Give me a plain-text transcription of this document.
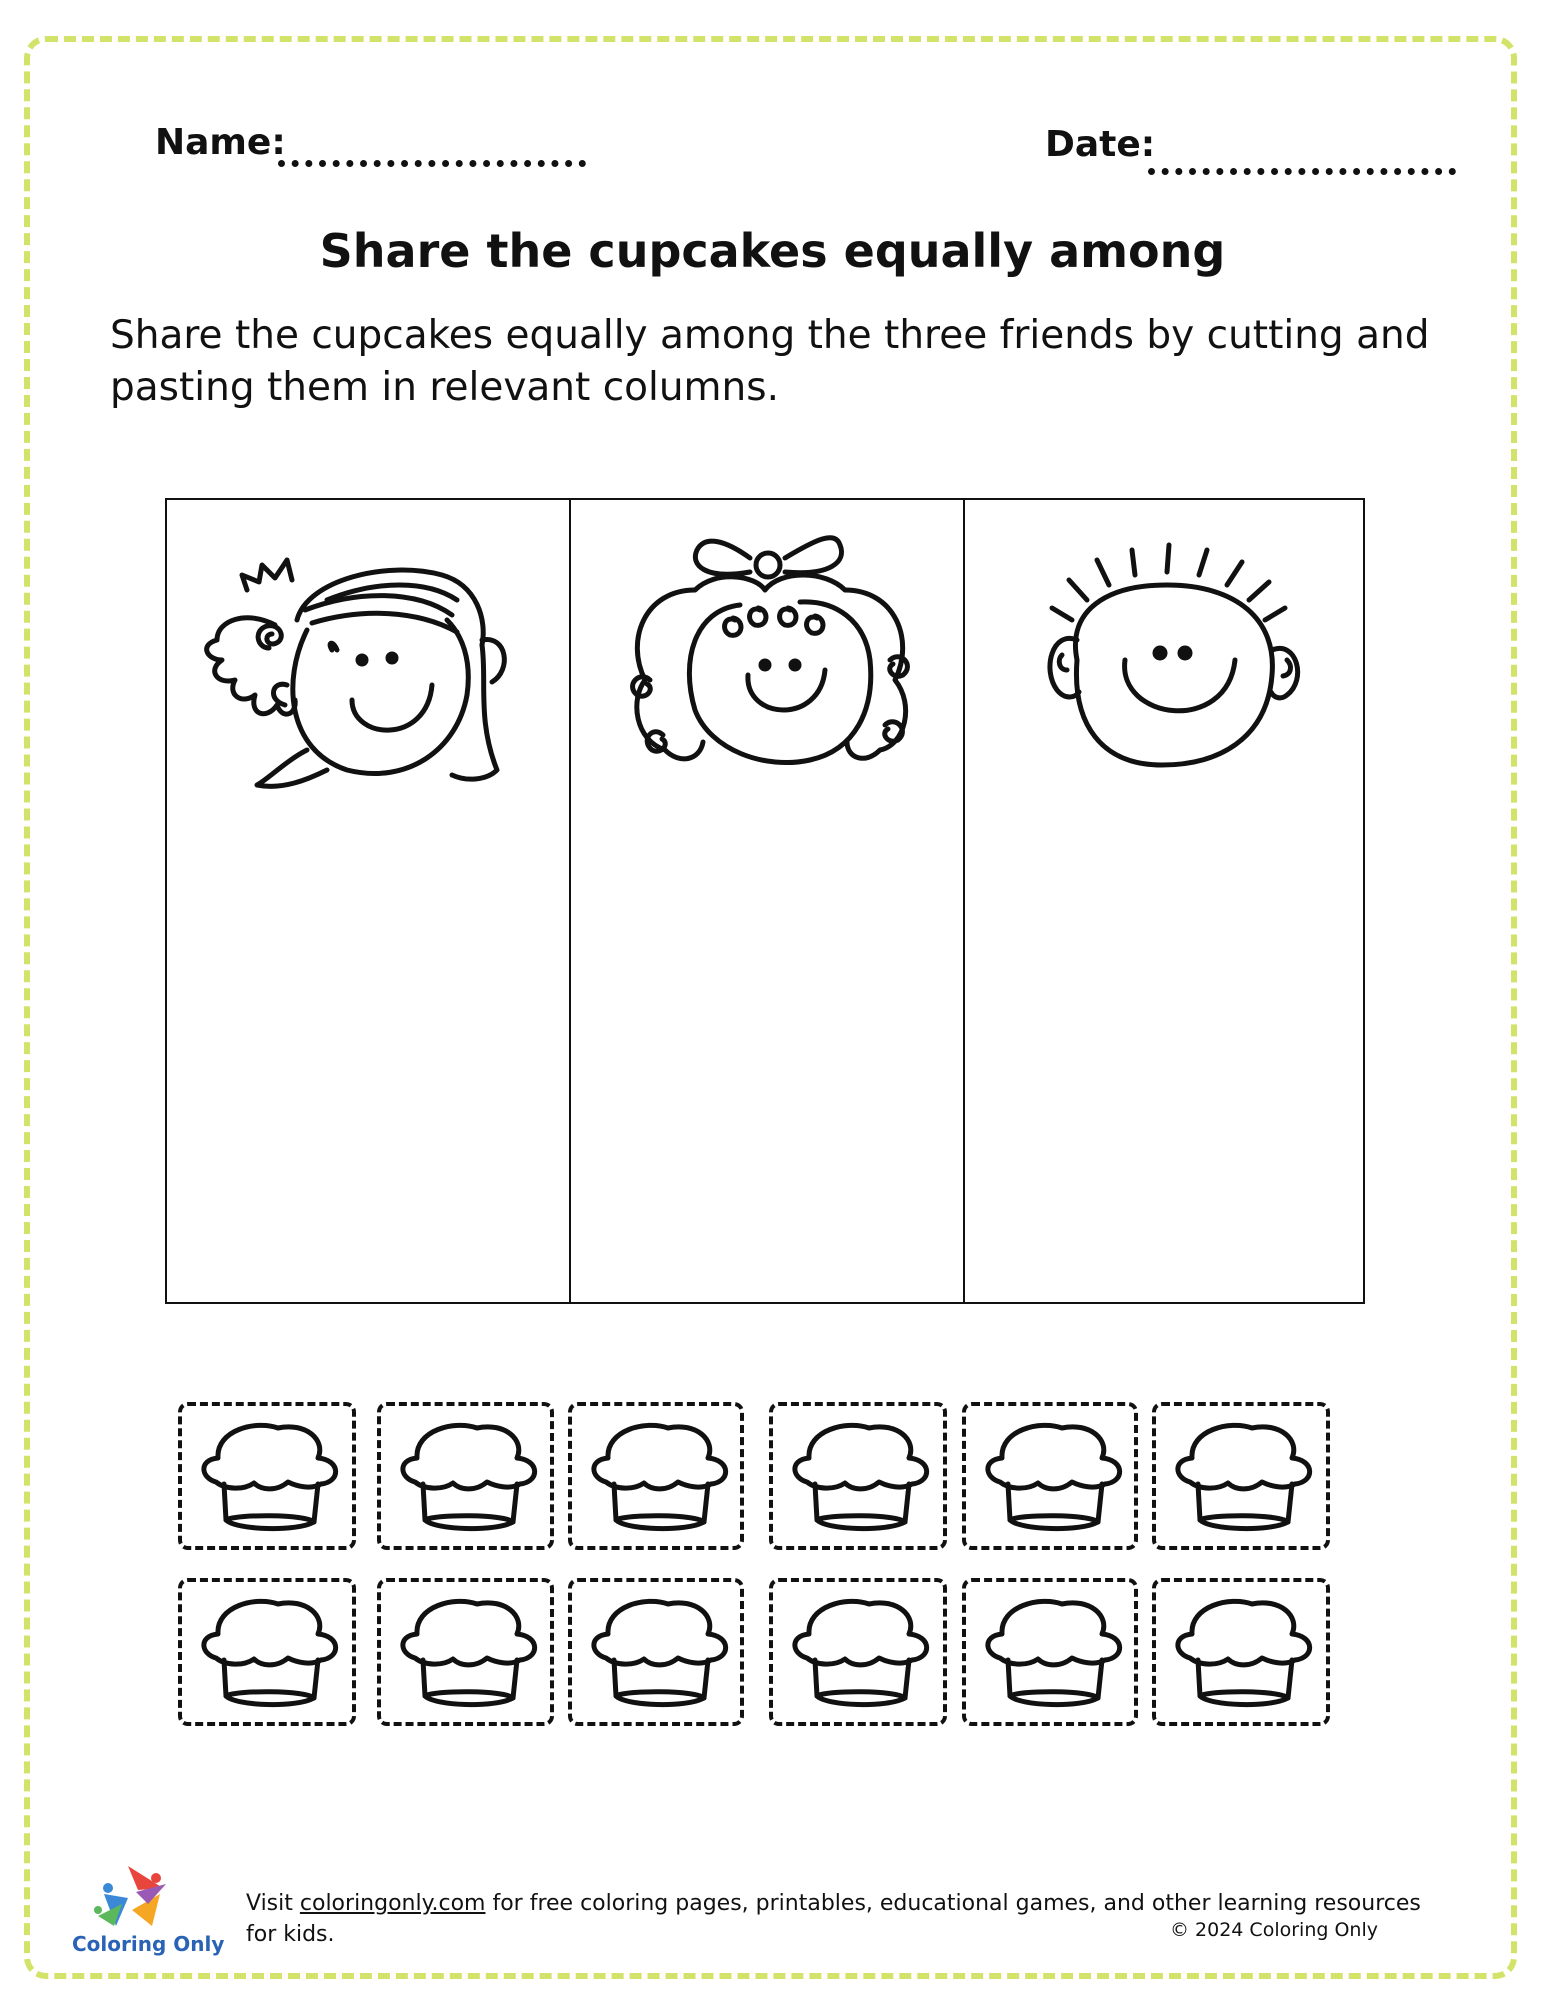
Name:	Date:
Share the cupcakes equally among
Share the cupcakes equally among the three friends by cutting and pasting them in relevant columns.
Coloring Only
Visit coloringonly.com for free coloring pages, printables, educational games, and other learning resources for kids.	© 2024 Coloring Only
